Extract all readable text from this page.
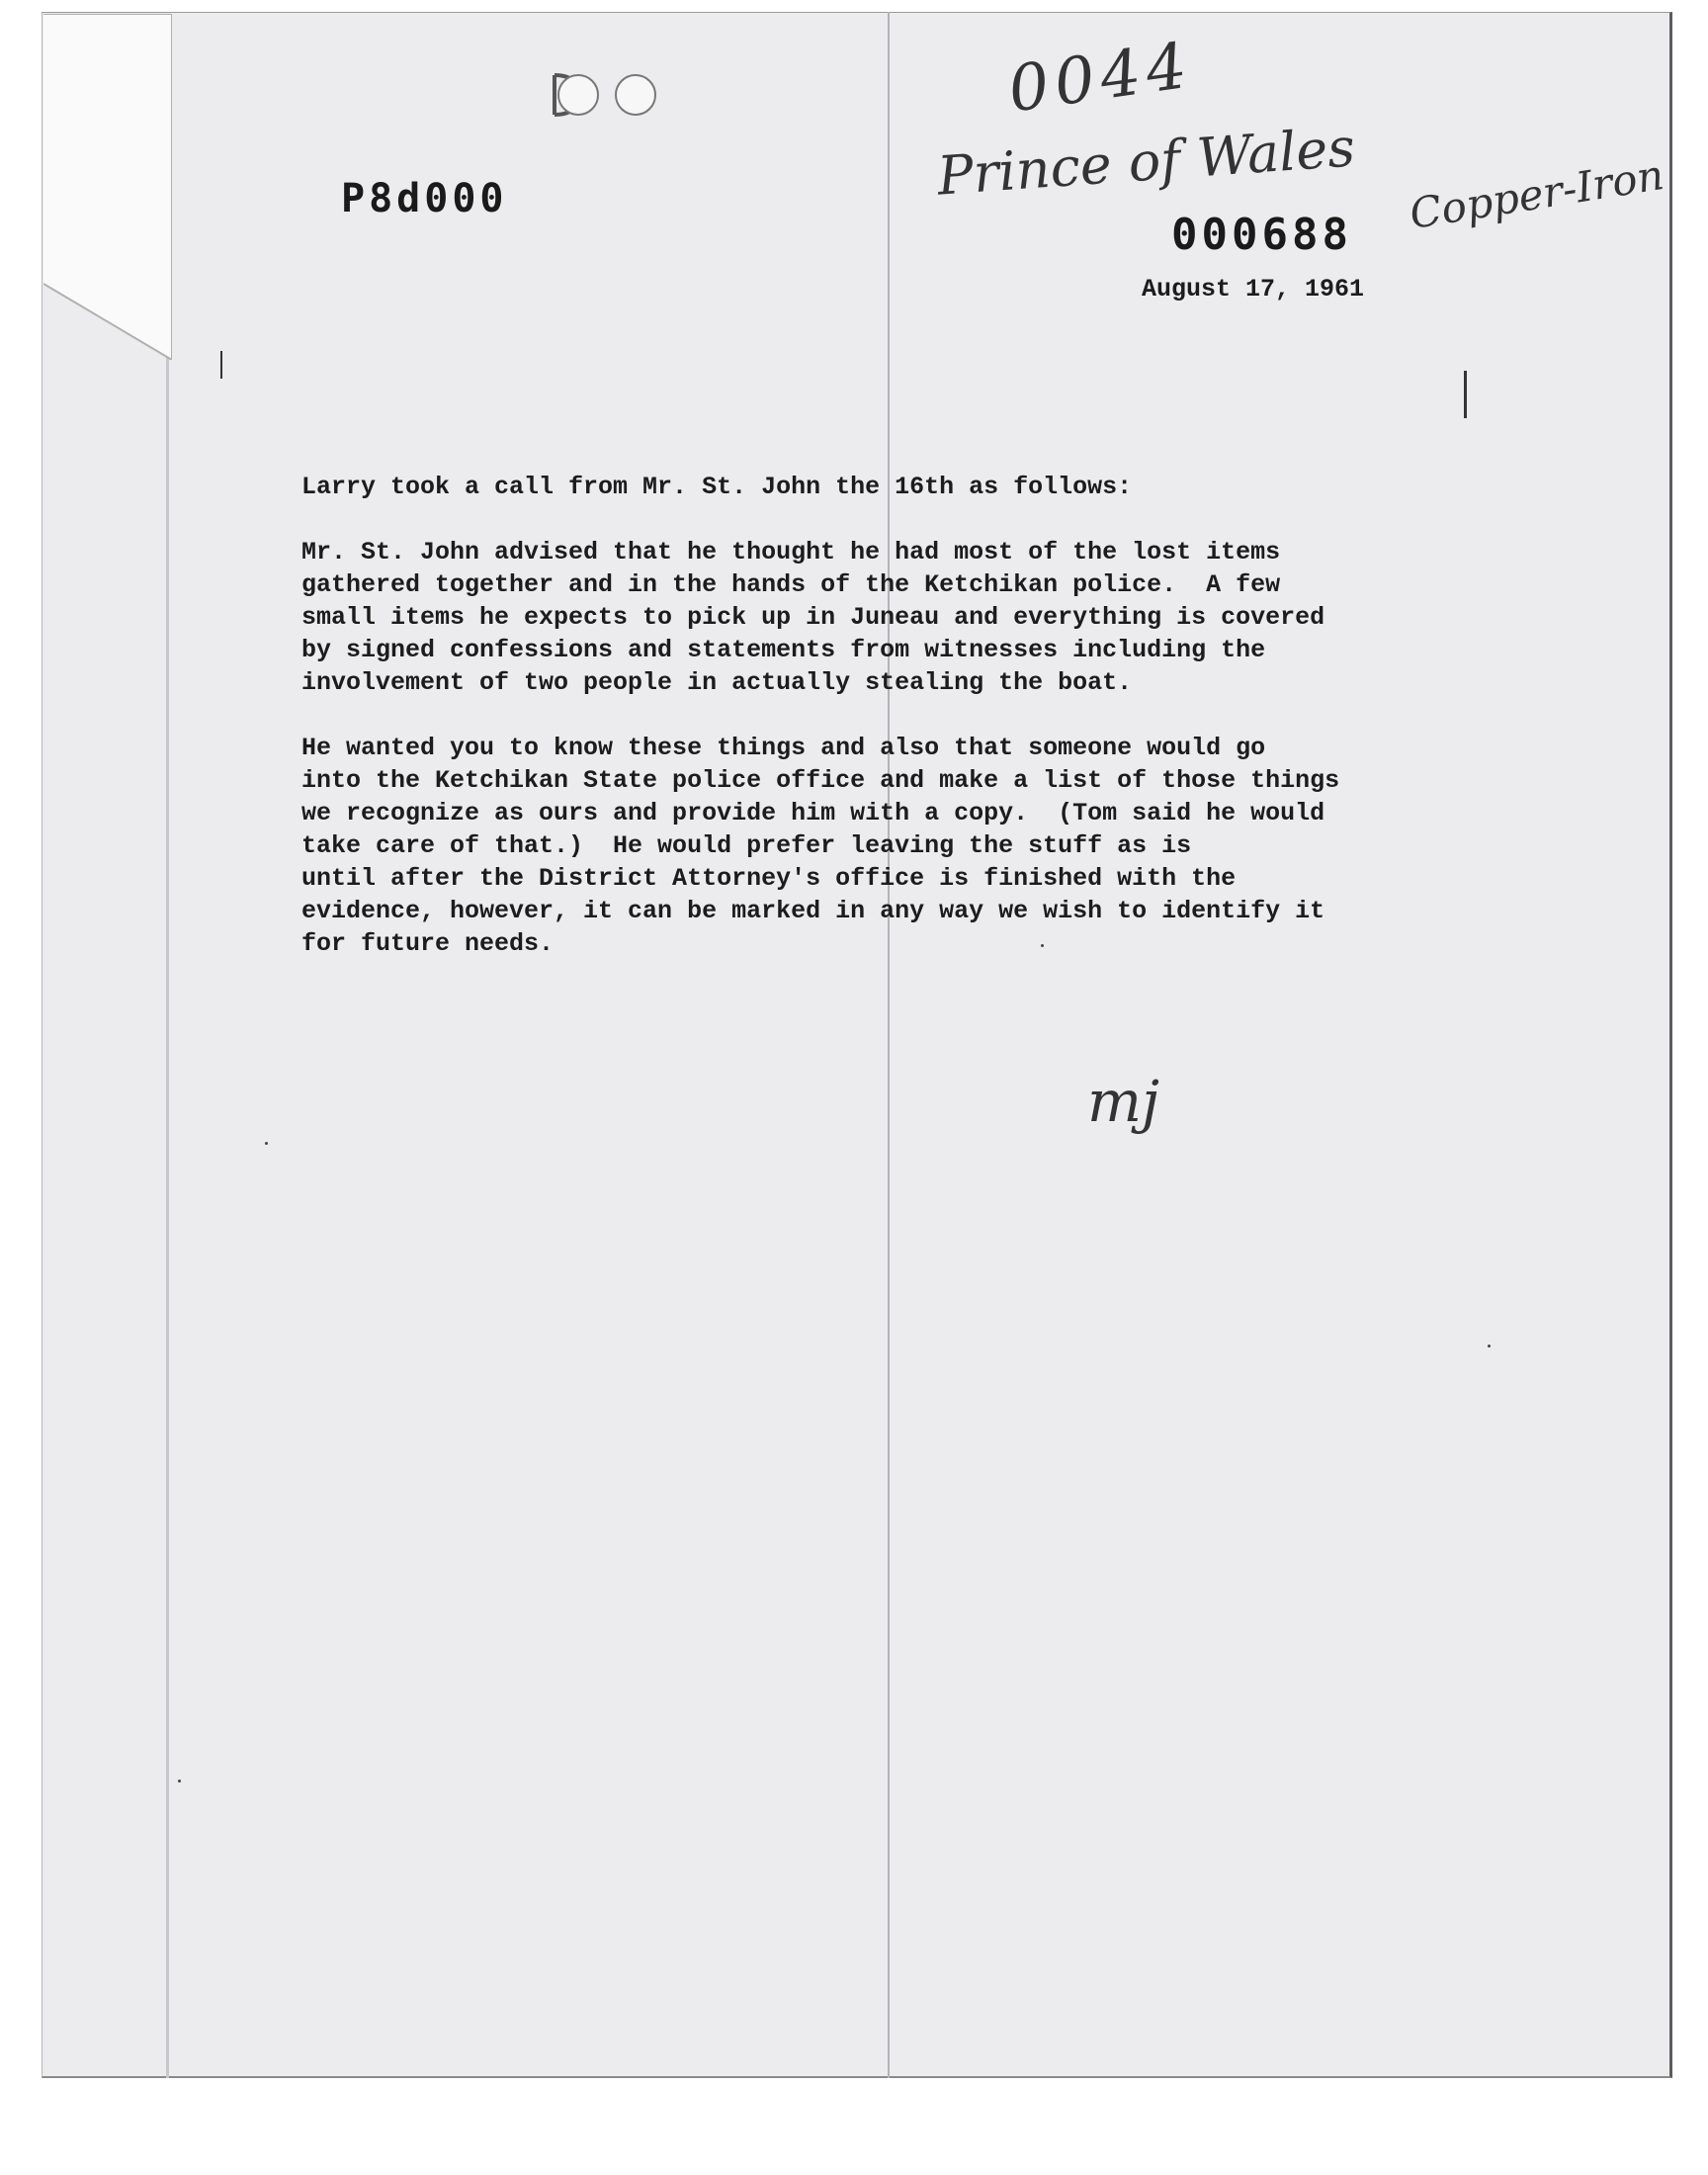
0044
Prince of Wales Copper-Iron
mj
P8d000
000688
August 17, 1961
Larry took a call from Mr. St. John the 16th as follows:
Mr. St. John advised that he thought he had most of the lost items
gathered together and in the hands of the Ketchikan police.  A few
small items he expects to pick up in Juneau and everything is covered
by signed confessions and statements from witnesses including the
involvement of two people in actually stealing the boat.
He wanted you to know these things and also that someone would go
into the Ketchikan State police office and make a list of those things
we recognize as ours and provide him with a copy.  (Tom said he would
take care of that.)  He would prefer leaving the stuff as is
until after the District Attorney's office is finished with the
evidence, however, it can be marked in any way we wish to identify it
for future needs.
